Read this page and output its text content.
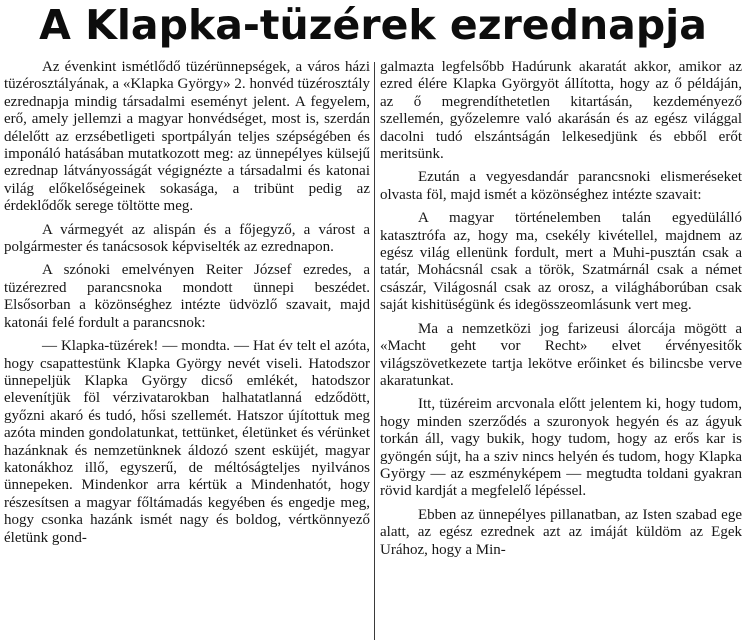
A Klapka-tüzérek ezrednapja

Az évenkint ismétlődő tüzérünnepségek, a város házi tüzérosztályának, a «Klapka György» 2. honvéd tüzérosztály ezrednapja mindig társadalmi eseményt jelent. A fegyelem, erő, amely jellemzi a magyar honvédséget, most is, szerdán délelőtt az erzsébetligeti sportpályán teljes szépségében és imponáló hatásában mutatkozott meg: az ünnepélyes külsejű ezrednap látványosságát végignézte a társadalmi és katonai világ előkelőségeinek sokasága, a tribünt pedig az érdeklődők serege töltötte meg.

A vármegyét az alispán és a főjegyző, a várost a polgármester és tanácsosok képviselték az ezrednapon.

A szónoki emelvényen Reiter József ezredes, a tüzérezred parancsnoka mondott ünnepi beszédet. Elsősorban a közönséghez intézte üdvözlő szavait, majd katonái felé fordult a parancsnok:

— Klapka-tüzérek! — mondta. — Hat év telt el azóta, hogy csapattestünk Klapka György nevét viseli. Hatodszor ünnepeljük Klapka György dicső emlékét, hatodszor elevenítjük föl vérzivatarokban halhatatlanná edződött, győzni akaró és tudó, hősi szellemét. Hatszor újítottuk meg azóta minden gondolatunkat, tettünket, életünket és vérünket hazánknak és nemzetünknek áldozó szent esküjét, magyar katonákhoz illő, egyszerű, de méltóságteljes nyilvános ünnepeken. Mindenkor arra kértük a Mindenhatót, hogy részesítsen a magyar főltámadás kegyében és engedje meg, hogy csonka hazánk ismét nagy és boldog, vértkönnyező életünk gond-

galmazta legfelsőbb Hadúrunk akaratát akkor, amikor az ezred élére Klapka Györgyöt állította, hogy az ő példáján, az ő megrendíthetetlen kitartásán, kezdeményező szellemén, győzelemre való akarásán és az egész világgal dacolni tudó elszántságán lelkesedjünk és ebből erőt meritsünk.

Ezután a vegyesdandár parancsnoki elismeréseket olvasta föl, majd ismét a közönséghez intézte szavait:

A magyar történelemben talán egyedülálló katasztrófa az, hogy ma, csekély kivétellel, majdnem az egész világ ellenünk fordult, mert a Muhi-pusztán csak a tatár, Mohácsnál csak a török, Szatmárnál csak a német császár, Világosnál csak az orosz, a világháborúban csak saját kishitüségünk és idegösszeomlásunk vert meg.

Ma a nemzetközi jog farizeusi álorcája mögött a «Macht geht vor Recht» elvet érvényesitők világszövetkezete tartja lekötve erőinket és bilincsbe verve akaratunkat.

Itt, tüzéreim arcvonala előtt jelentem ki, hogy tudom, hogy minden szerződés a szuronyok hegyén és az ágyuk torkán áll, vagy bukik, hogy tudom, hogy az erős kar is gyöngén sújt, ha a sziv nincs helyén és tudom, hogy Klapka György — az eszményképem — megtudta toldani gyakran rövid kardját a megfelelő lépéssel.

Ebben az ünnepélyes pillanatban, az Isten szabad ege alatt, az egész ezrednek azt az imáját küldöm az Egek Urához, hogy a Min-
